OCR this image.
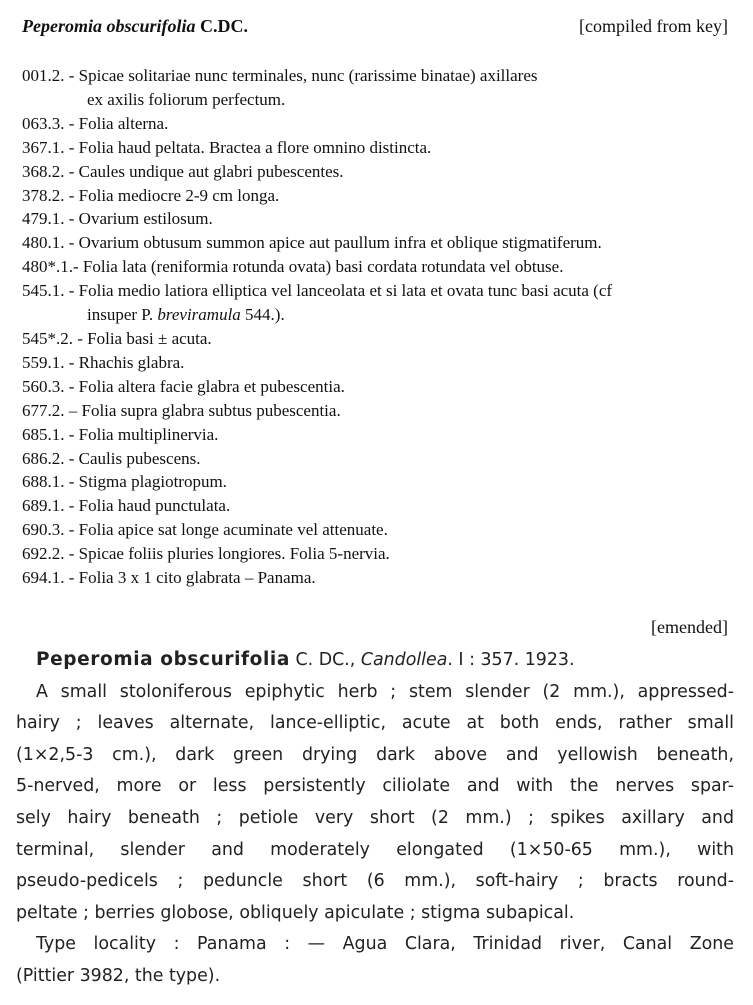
Peperomia obscurifolia C.DC.	[compiled from key]
001.2. - Spicae solitariae nunc terminales, nunc (rarissime binatae) axillares
ex axilis foliorum perfectum.
063.3. - Folia alterna.
367.1. - Folia haud peltata. Bractea a flore omnino distincta.
368.2. - Caules undique aut glabri pubescentes.
378.2. - Folia mediocre 2-9 cm longa.
479.1. - Ovarium estilosum.
480.1. - Ovarium obtusum summon apice aut paullum infra et oblique stigmatiferum.
480*.1.- Folia lata (reniformia rotunda ovata) basi cordata rotundata vel obtuse.
545.1. - Folia medio latiora elliptica vel lanceolata et si lata et ovata tunc basi acuta (cf
insuper P. breviramula 544.).
545*.2. - Folia basi ± acuta.
559.1. - Rhachis glabra.
560.3. - Folia altera facie glabra et pubescentia.
677.2. – Folia supra glabra subtus pubescentia.
685.1. - Folia multiplinervia.
686.2. - Caulis pubescens.
688.1. - Stigma plagiotropum.
689.1. - Folia haud punctulata.
690.3. - Folia apice sat longe acuminate vel attenuate.
692.2. - Spicae foliis pluries longiores. Folia 5-nervia.
694.1. - Folia 3 x 1 cito glabrata – Panama.
[emended]
Peperomia obscurifolia C. DC., Candollea. I : 357. 1923.
A small stoloniferous epiphytic herb ; stem slender (2 mm.), appressed-
hairy ; leaves alternate, lance-elliptic, acute at both ends, rather small
(1×2,5-3 cm.), dark green drying dark above and yellowish beneath,
5-nerved, more or less persistently ciliolate and with the nerves spar-
sely hairy beneath ; petiole very short (2 mm.) ; spikes axillary and
terminal, slender and moderately elongated (1×50-65 mm.), with
pseudo-pedicels ; peduncle short (6 mm.), soft-hairy ; bracts round-
peltate ; berries globose, obliquely apiculate ; stigma subapical.
Type locality : Panama : — Agua Clara, Trinidad river, Canal Zone
(Pittier 3982, the type).
